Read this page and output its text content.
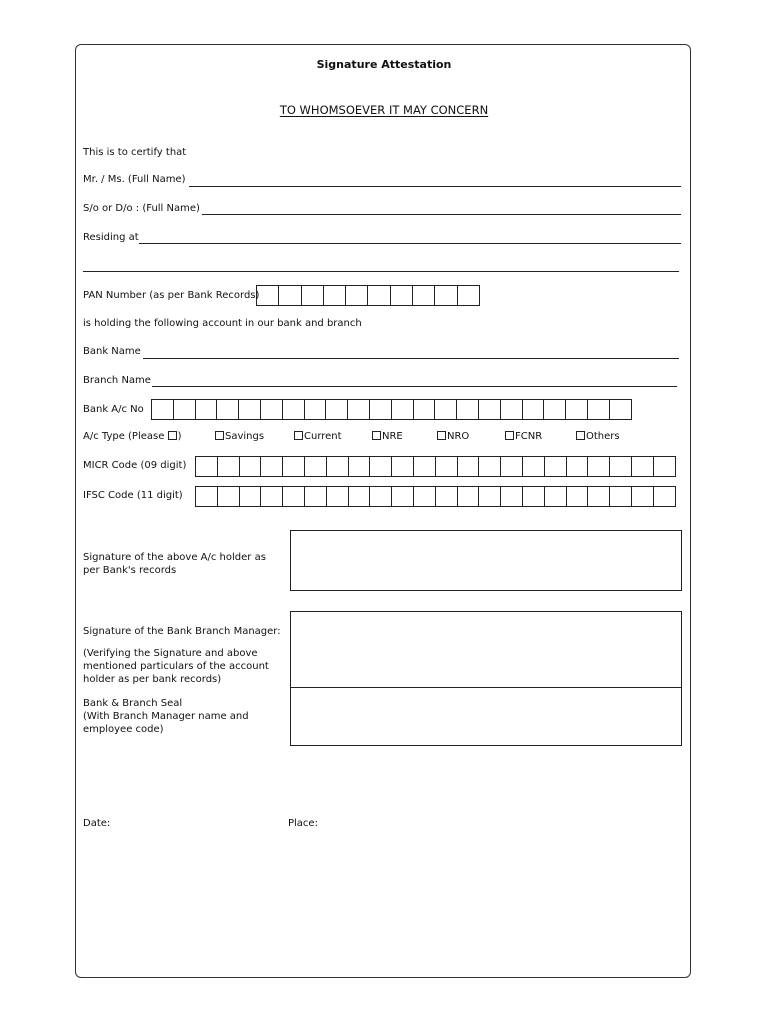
Signature Attestation
TO WHOMSOEVER IT MAY CONCERN
This is to certify that
Mr. / Ms. (Full Name)
S/o or D/o : (Full Name)
Residing at
PAN Number (as per Bank Records)
is holding the following account in our bank and branch
Bank Name
Branch Name
Bank A/c No
A/c Type (Please )	Savings	Current	NRE	NRO	FCNR	Others
MICR Code (09 digit)
IFSC Code (11 digit)
Signature of the above A/c holder as
per Bank's records
Signature of the Bank Branch Manager:
(Verifying the Signature and above
mentioned particulars of the account
holder as per bank records)
Bank & Branch Seal
(With Branch Manager name and
employee code)
Date:	Place:
